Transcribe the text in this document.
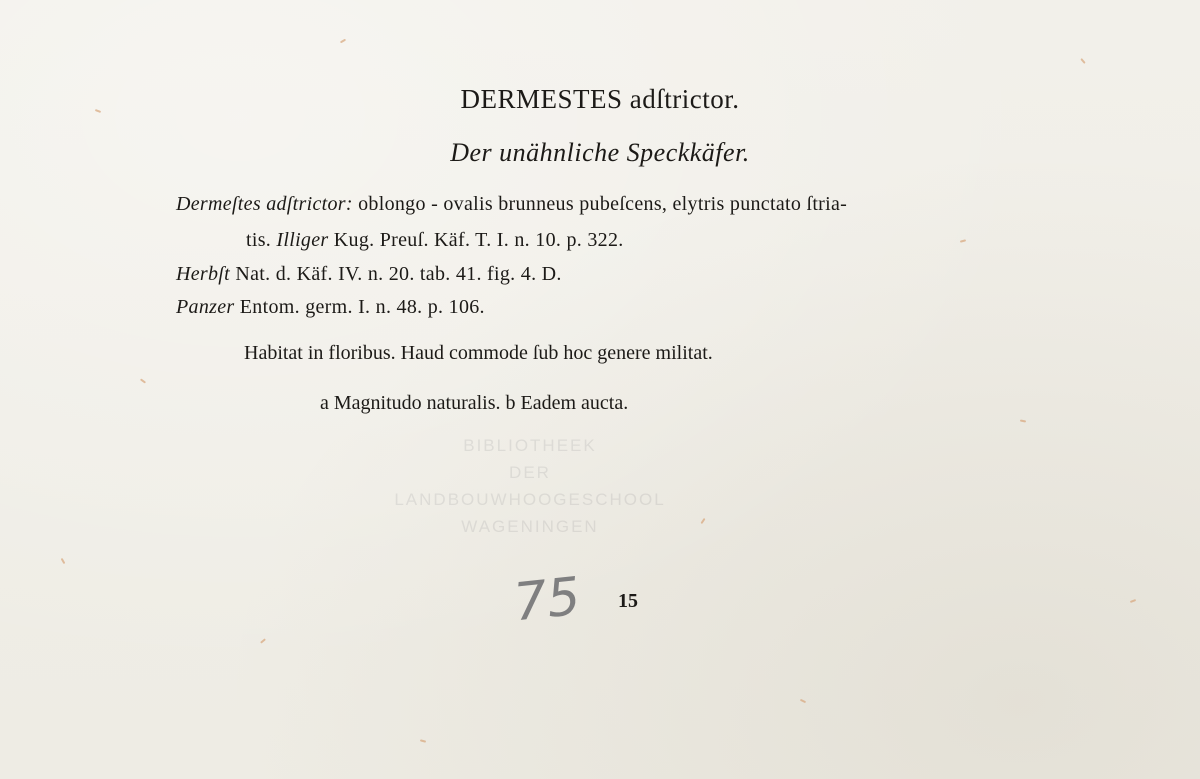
DERMESTES adſtrictor.
Der unähnliche Speckkäfer.
Dermeſtes adſtrictor: oblongo - ovalis brunneus pubeſcens, elytris punctato ſtria-
tis. Illiger Kug. Preuſ. Käf. T. I. n. 10. p. 322.
Herbſt Nat. d. Käf. IV. n. 20. tab. 41. fig. 4. D.
Panzer Entom. germ. I. n. 48. p. 106.
Habitat in floribus. Haud commode ſub hoc genere militat.
a Magnitudo naturalis. b Eadem aucta.
BIBLIOTHEEK
DER
LANDBOUWHOOGESCHOOL
WAGENINGEN
75 15
